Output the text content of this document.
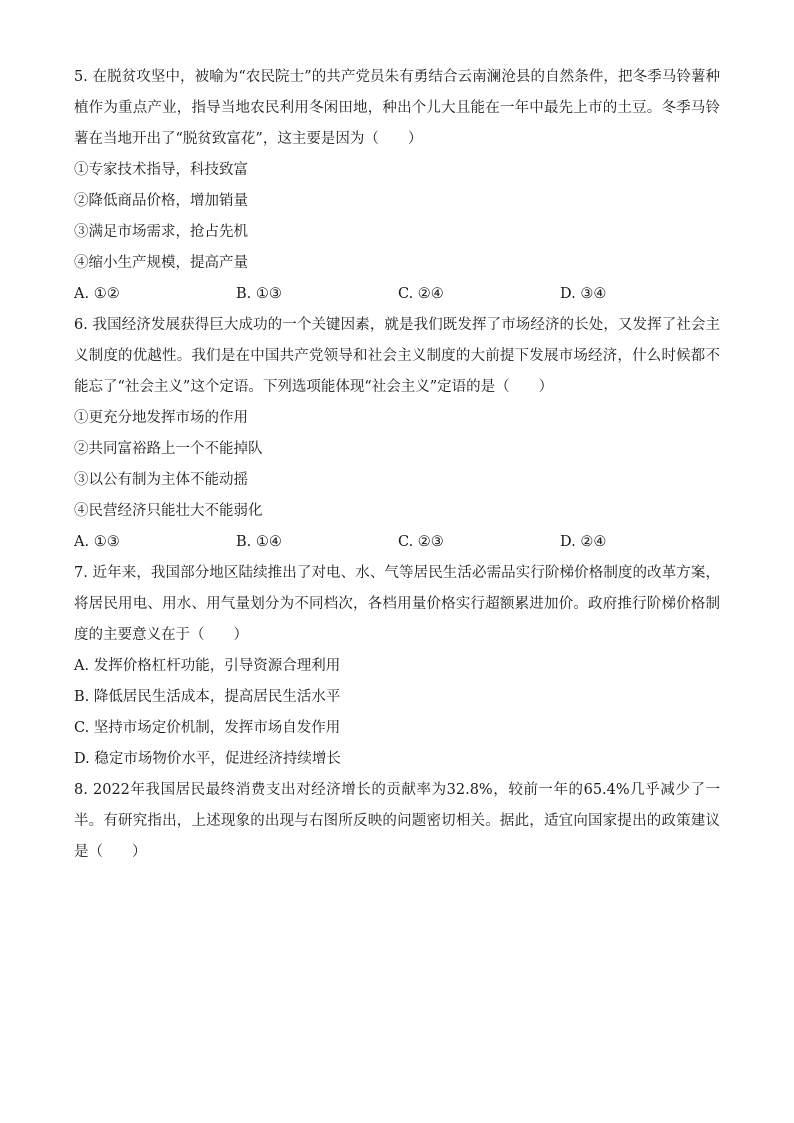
5. 在脱贫攻坚中，被喻为“农民院士”的共产党员朱有勇结合云南澜沧县的自然条件，把冬季马铃薯种植作为重点产业，指导当地农民利用冬闲田地，种出个儿大且能在一年中最先上市的土豆。冬季马铃薯在当地开出了“脱贫致富花”，这主要是因为（　　）

①专家技术指导，科技致富

②降低商品价格，增加销量

③满足市场需求，抢占先机

④缩小生产规模，提高产量

A. ①②	B. ①③	C. ②④	D. ③④

6. 我国经济发展获得巨大成功的一个关键因素，就是我们既发挥了市场经济的长处，又发挥了社会主义制度的优越性。我们是在中国共产党领导和社会主义制度的大前提下发展市场经济，什么时候都不能忘了“社会主义”这个定语。下列选项能体现“社会主义”定语的是（　　）

①更充分地发挥市场的作用

②共同富裕路上一个不能掉队

③以公有制为主体不能动摇

④民营经济只能壮大不能弱化

A. ①③	B. ①④	C. ②③	D. ②④

7. 近年来，我国部分地区陆续推出了对电、水、气等居民生活必需品实行阶梯价格制度的改革方案，将居民用电、用水、用气量划分为不同档次，各档用量价格实行超额累进加价。政府推行阶梯价格制度的主要意义在于（　　）

A. 发挥价格杠杆功能，引导资源合理利用

B. 降低居民生活成本，提高居民生活水平

C. 坚持市场定价机制，发挥市场自发作用

D. 稳定市场物价水平，促进经济持续增长

8. 2022年我国居民最终消费支出对经济增长的贡献率为32.8%，较前一年的65.4%几乎减少了一半。有研究指出，上述现象的出现与右图所反映的问题密切相关。据此，适宜向国家提出的政策建议是（　　）
